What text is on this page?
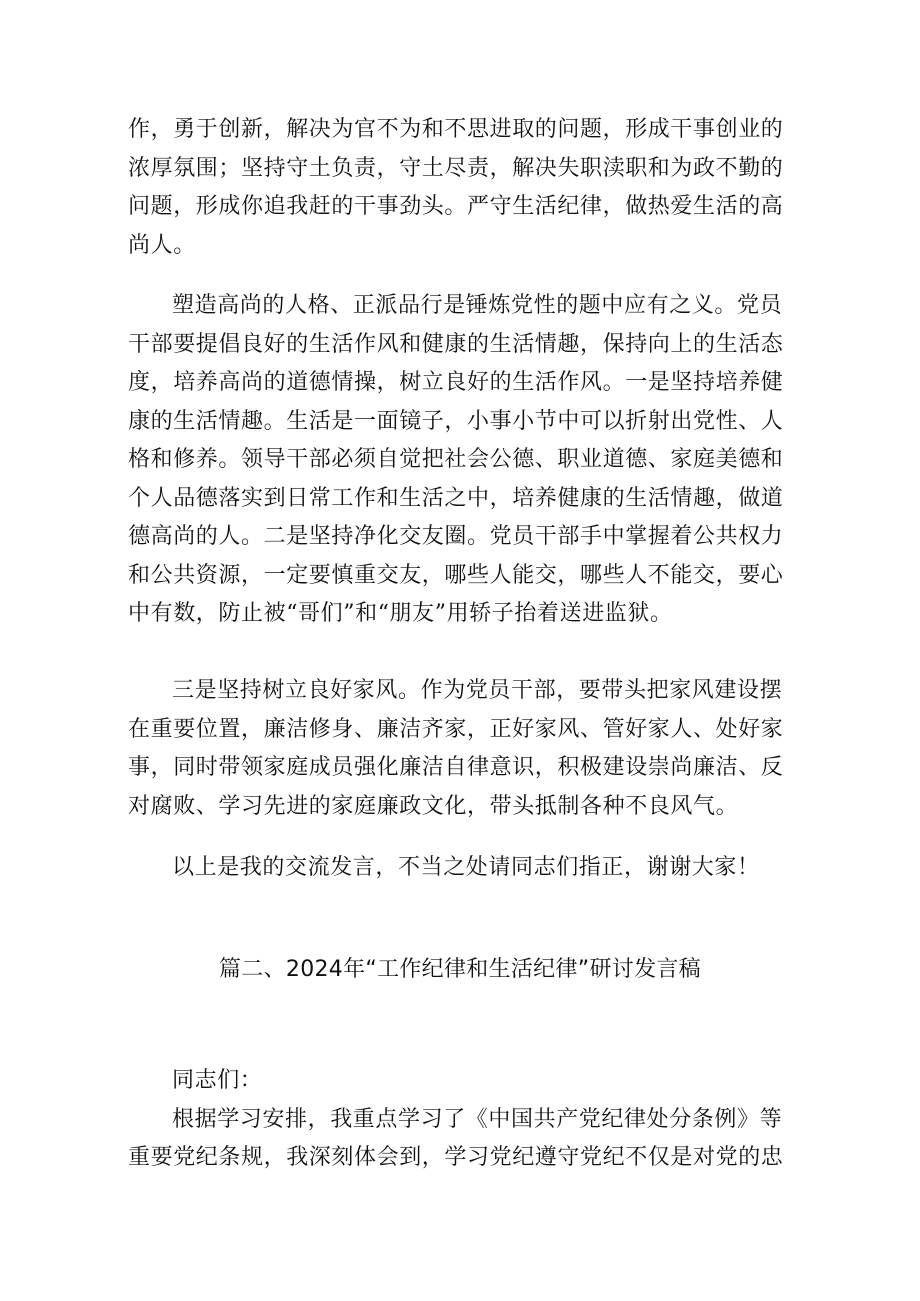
作，勇于创新，解决为官不为和不思进取的问题，形成干事创业的
浓厚氛围；坚持守土负责，守土尽责，解决失职渎职和为政不勤的
问题，形成你追我赶的干事劲头。严守生活纪律，做热爱生活的高
尚人。
塑造高尚的人格、正派品行是锤炼党性的题中应有之义。党员
干部要提倡良好的生活作风和健康的生活情趣，保持向上的生活态
度，培养高尚的道德情操，树立良好的生活作风。一是坚持培养健
康的生活情趣。生活是一面镜子，小事小节中可以折射出党性、人
格和修养。领导干部必须自觉把社会公德、职业道德、家庭美德和
个人品德落实到日常工作和生活之中，培养健康的生活情趣，做道
德高尚的人。二是坚持净化交友圈。党员干部手中掌握着公共权力
和公共资源，一定要慎重交友，哪些人能交，哪些人不能交，要心
中有数，防止被“哥们”和“朋友”用轿子抬着送进监狱。
三是坚持树立良好家风。作为党员干部，要带头把家风建设摆
在重要位置，廉洁修身、廉洁齐家，正好家风、管好家人、处好家
事，同时带领家庭成员强化廉洁自律意识，积极建设崇尚廉洁、反
对腐败、学习先进的家庭廉政文化，带头抵制各种不良风气。
以上是我的交流发言，不当之处请同志们指正，谢谢大家！
篇二、2024年“工作纪律和生活纪律”研讨发言稿
同志们：
根据学习安排，我重点学习了《中国共产党纪律处分条例》等
重要党纪条规，我深刻体会到，学习党纪遵守党纪不仅是对党的忠
